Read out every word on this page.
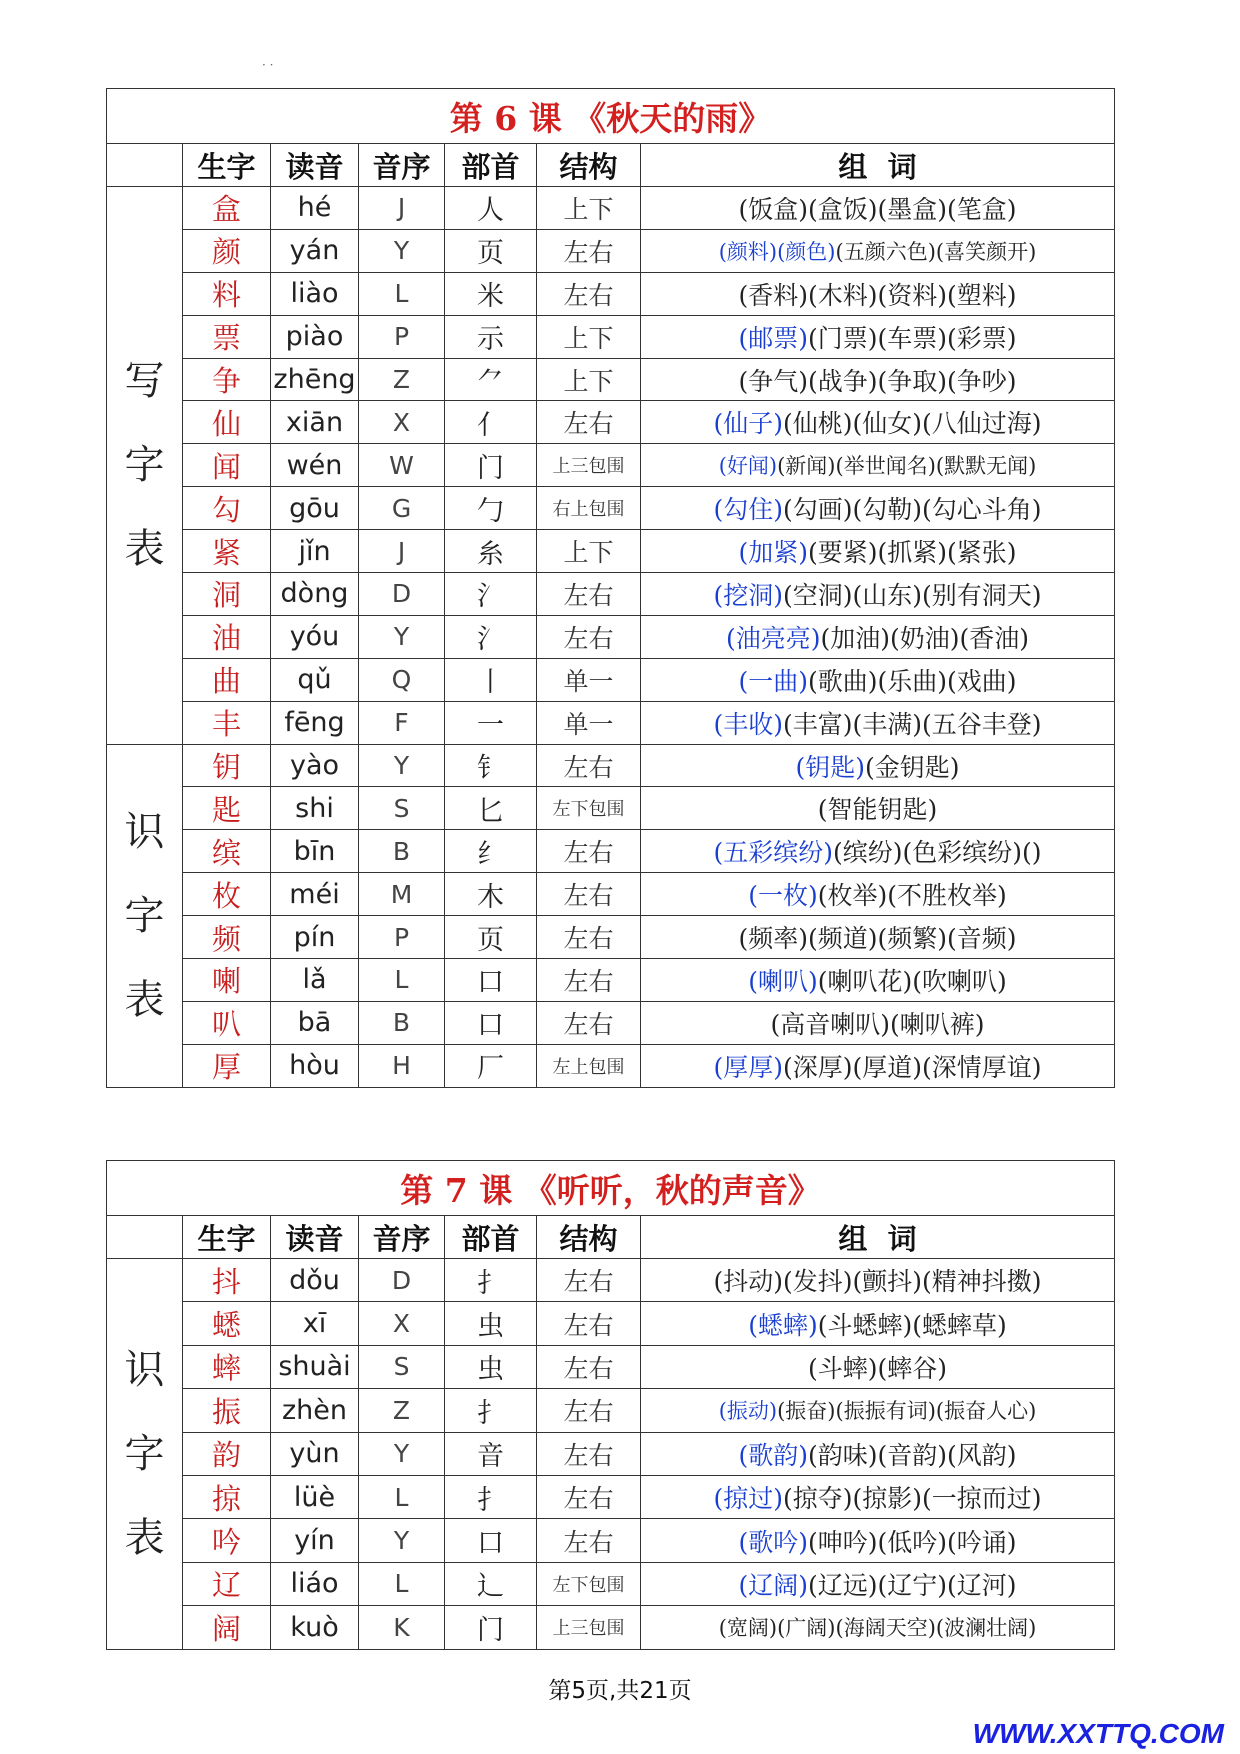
· ·
第 6 课 《秋天的雨》						
	生字	读音	音序	部首	结构	组  词
写字表	盒	hé	J	人	上下	(饭盒)(盒饭)(墨盒)(笔盒)
	颜	yán	Y	页	左右	(颜料)(颜色)(五颜六色)(喜笑颜开)
	料	liào	L	米	左右	(香料)(木料)(资料)(塑料)
	票	piào	P	示	上下	(邮票)(门票)(车票)(彩票)
	争	zhēng	Z	⺈	上下	(争气)(战争)(争取)(争吵)
	仙	xiān	X	亻	左右	(仙子)(仙桃)(仙女)(八仙过海)
	闻	wén	W	门	上三包围	(好闻)(新闻)(举世闻名)(默默无闻)
	勾	gōu	G	勹	右上包围	(勾住)(勾画)(勾勒)(勾心斗角)
	紧	jǐn	J	糸	上下	(加紧)(要紧)(抓紧)(紧张)
	洞	dòng	D	氵	左右	(挖洞)(空洞)(山东)(别有洞天)
	油	yóu	Y	氵	左右	(油亮亮)(加油)(奶油)(香油)
	曲	qǔ	Q	丨	单一	(一曲)(歌曲)(乐曲)(戏曲)
	丰	fēng	F	一	单一	(丰收)(丰富)(丰满)(五谷丰登)
识字表	钥	yào	Y	钅	左右	(钥匙)(金钥匙)
	匙	shi	S	匕	左下包围	(智能钥匙)
	缤	bīn	B	纟	左右	(五彩缤纷)(缤纷)(色彩缤纷)()
	枚	méi	M	木	左右	(一枚)(枚举)(不胜枚举)
	频	pín	P	页	左右	(频率)(频道)(频繁)(音频)
	喇	lǎ	L	口	左右	(喇叭)(喇叭花)(吹喇叭)
	叭	bā	B	口	左右	(高音喇叭)(喇叭裤)
	厚	hòu	H	厂	左上包围	(厚厚)(深厚)(厚道)(深情厚谊)
第 7 课 《听听，秋的声音》						
	生字	读音	音序	部首	结构	组  词
识字表	抖	dǒu	D	扌	左右	(抖动)(发抖)(颤抖)(精神抖擞)
	蟋	xī	X	虫	左右	(蟋蟀)(斗蟋蟀)(蟋蟀草)
	蟀	shuài	S	虫	左右	(斗蟀)(蟀谷)
	振	zhèn	Z	扌	左右	(振动)(振奋)(振振有词)(振奋人心)
	韵	yùn	Y	音	左右	(歌韵)(韵味)(音韵)(风韵)
	掠	lüè	L	扌	左右	(掠过)(掠夺)(掠影)(一掠而过)
	吟	yín	Y	口	左右	(歌吟)(呻吟)(低吟)(吟诵)
	辽	liáo	L	辶	左下包围	(辽阔)(辽远)(辽宁)(辽河)
	阔	kuò	K	门	上三包围	(宽阔)(广阔)(海阔天空)(波澜壮阔)
第5页,共21页
WWW.XXTTQ.COM
